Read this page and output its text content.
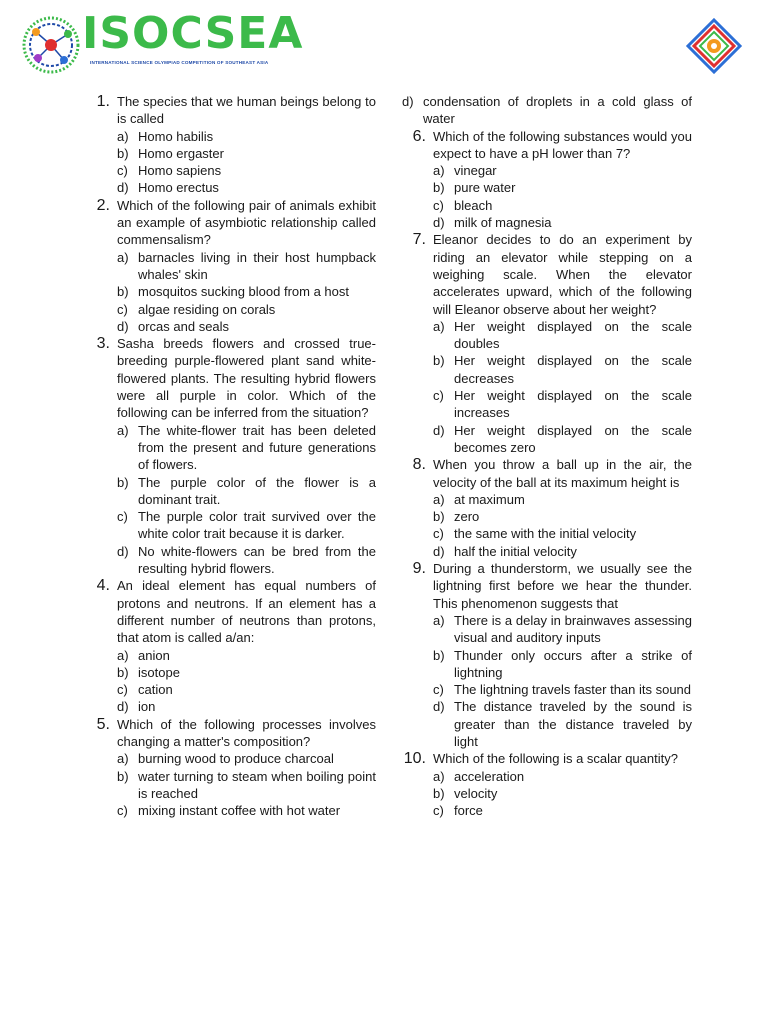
ISOCSEA
INTERNATIONAL SCIENCE OLYMPIAD COMPETITION OF SOUTHEAST ASIA
1. The species that we human beings belong to is called
a) Homo habilis
b) Homo ergaster
c) Homo sapiens
d) Homo erectus
2. Which of the following pair of animals exhibit an example of asymbiotic relationship called commensalism?
a) barnacles living in their host humpback whales' skin
b) mosquitos sucking blood from a host
c) algae residing on corals
d) orcas and seals
3. Sasha breeds flowers and crossed true-breeding purple-flowered plant sand white-flowered plants. The resulting hybrid flowers were all purple in color. Which of the following can be inferred from the situation?
a) The white-flower trait has been deleted from the present and future generations of flowers.
b) The purple color of the flower is a dominant trait.
c) The purple color trait survived over the white color trait because it is darker.
d) No white-flowers can be bred from the resulting hybrid flowers.
4. An ideal element has equal numbers of protons and neutrons. If an element has a different number of neutrons than protons, that atom is called a/an:
a) anion
b) isotope
c) cation
d) ion
5. Which of the following processes involves changing a matter's composition?
a) burning wood to produce charcoal
b) water turning to steam when boiling point is reached
c) mixing instant coffee with hot water
d) condensation of droplets in a cold glass of water
6. Which of the following substances would you expect to have a pH lower than 7?
a) vinegar
b) pure water
c) bleach
d) milk of magnesia
7. Eleanor decides to do an experiment by riding an elevator while stepping on a weighing scale. When the elevator accelerates upward, which of the following will Eleanor observe about her weight?
a) Her weight displayed on the scale doubles
b) Her weight displayed on the scale decreases
c) Her weight displayed on the scale increases
d) Her weight displayed on the scale becomes zero
8. When you throw a ball up in the air, the velocity of the ball at its maximum height is
a) at maximum
b) zero
c) the same with the initial velocity
d) half the initial velocity
9. During a thunderstorm, we usually see the lightning first before we hear the thunder. This phenomenon suggests that
a) There is a delay in brainwaves assessing visual and auditory inputs
b) Thunder only occurs after a strike of lightning
c) The lightning travels faster than its sound
d) The distance traveled by the sound is greater than the distance traveled by light
10. Which of the following is a scalar quantity?
a) acceleration
b) velocity
c) force
